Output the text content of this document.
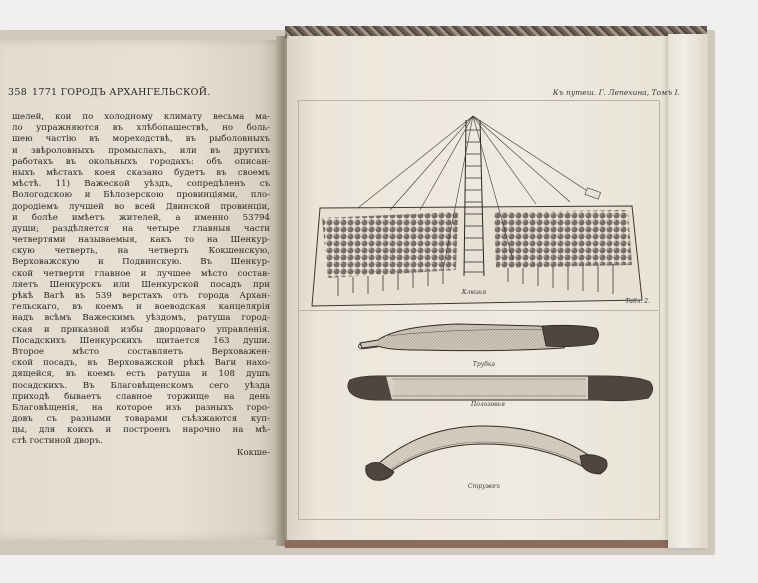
358 1771 ГОРОДЪ АРХАНГЕЛЬСКОЙ.
шелей, кои по холодному климату весьма ма-
ло упражняются въ хлѣбопашествѣ, но боль-
шею частію въ мореходствѣ, въ рыболовныхъ
и звѣроловныхъ промыслахъ, или въ другихъ
работахъ въ окольныхъ городахъ: объ опиcан-
ныхъ мѣстахъ коея сказано будетъ въ своемъ
мѣстѣ. 11) Важеской уѣздъ, сопредѣленъ съ
Вологодскою и Бѣлозерскою провинціями, пло-
дородіемъ лучшей во всей Двинской провинціи,
и болѣе имѣетъ жителей, а именно 53794
души; раздѣляется на четыре главныя части
четвертями называемыя, какъ то на Шенкур-
скую четверть, на четверть Кокшенскую,
Верховажскую и Подвинскую. Въ Шенкур-
ской четверти главное и лучшее мѣсто состав-
ляетъ Шенкурскъ или Шенкурской посадъ при
рѣкѣ Вагѣ въ 539 верстахъ отъ города Архан-
гельскаго, въ коемъ и воеводская канцелярія
надъ всѣмъ Важескимъ уѣздомъ, ратуша город-
ская и приказной избы дворцоваго управленія.
Посадскихъ Шенкурскихъ щитается 163 души.
Второе мѣсто составляетъ Верховажен-
ской посадъ, въ Верховажской рѣкѣ Ваги нахо-
дящейся, въ коемъ есть ратуша и 108 душъ
посадскихъ. Въ Благовѣщенскомъ сего уѣзда
приходѣ бываетъ славное торжище на день
Благовѣщенія, на которое изъ разныхъ горо-
довъ съ разными товарами съѣзжаются куп-
цы, для коихъ и построенъ нарочно на мѣ-
стѣ гостиной дворъ.
Кокше-
Къ путеш. Г. Лепехина, Томъ I.
Клюзья
Табл. 2.
Трубка
Полозовья
Стружеъ
